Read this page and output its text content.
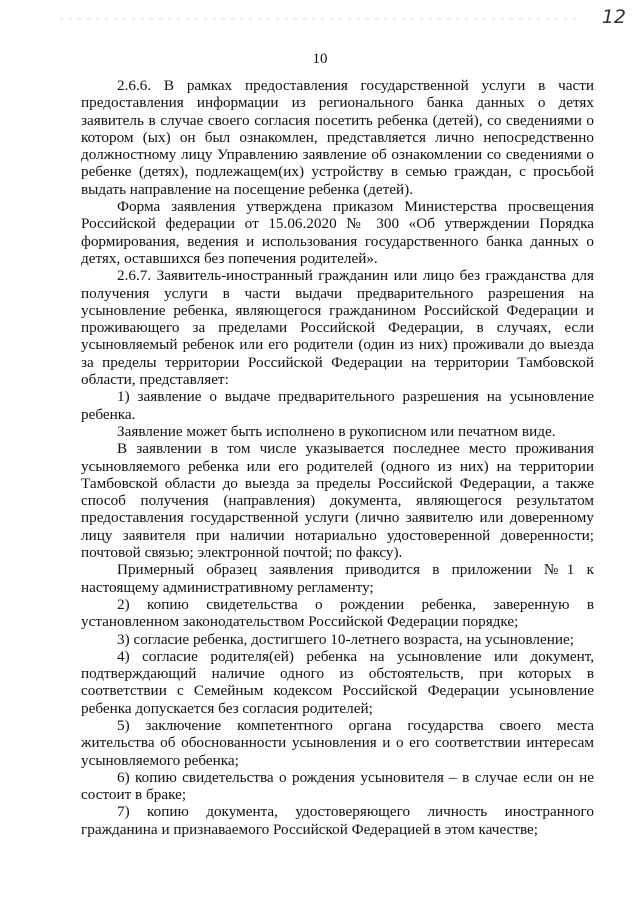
12
10

2.6.6. В рамках предоставления государственной услуги в части предоставления информации из регионального банка данных о детях заявитель в случае своего согласия посетить ребенка (детей), со сведениями о котором (ых) он был ознакомлен, представляется лично непосредственно должностному лицу Управлению заявление об ознакомлении со сведениями о ребенке (детях), подлежащем(их) устройству в семью граждан, с просьбой выдать направление на посещение ребенка (детей).

Форма заявления утверждена приказом Министерства просвещения Российской федерации от 15.06.2020 № 300 «Об утверждении Порядка формирования, ведения и использования государственного банка данных о детях, оставшихся без попечения родителей».

2.6.7. Заявитель-иностранный гражданин или лицо без гражданства для получения услуги в части выдачи предварительного разрешения на усыновление ребенка, являющегося гражданином Российской Федерации и проживающего за пределами Российской Федерации, в случаях, если усыновляемый ребенок или его родители (один из них) проживали до выезда за пределы территории Российской Федерации на территории Тамбовской области, представляет:

1) заявление о выдаче предварительного разрешения на усыновление ребенка.

Заявление может быть исполнено в рукописном или печатном виде.

В заявлении в том числе указывается последнее место проживания усыновляемого ребенка или его родителей (одного из них) на территории Тамбовской области до выезда за пределы Российской Федерации, а также способ получения (направления) документа, являющегося результатом предоставления государственной услуги (лично заявителю или доверенному лицу заявителя при наличии нотариально удостоверенной доверенности; почтовой связью; электронной почтой; по факсу).

Примерный образец заявления приводится в приложении №1 к настоящему административному регламенту;

2) копию свидетельства о рождении ребенка, заверенную в установленном законодательством Российской Федерации порядке;

3) согласие ребенка, достигшего 10-летнего возраста, на усыновление;

4) согласие родителя(ей) ребенка на усыновление или документ, подтверждающий наличие одного из обстоятельств, при которых в соответствии с Семейным кодексом Российской Федерации усыновление ребенка допускается без согласия родителей;

5) заключение компетентного органа государства своего места жительства об обоснованности усыновления и о его соответствии интересам усыновляемого ребенка;

6) копию свидетельства о рождения усыновителя – в случае если он не состоит в браке;

7) копию документа, удостоверяющего личность иностранного гражданина и признаваемого Российской Федерацией в этом качестве;
